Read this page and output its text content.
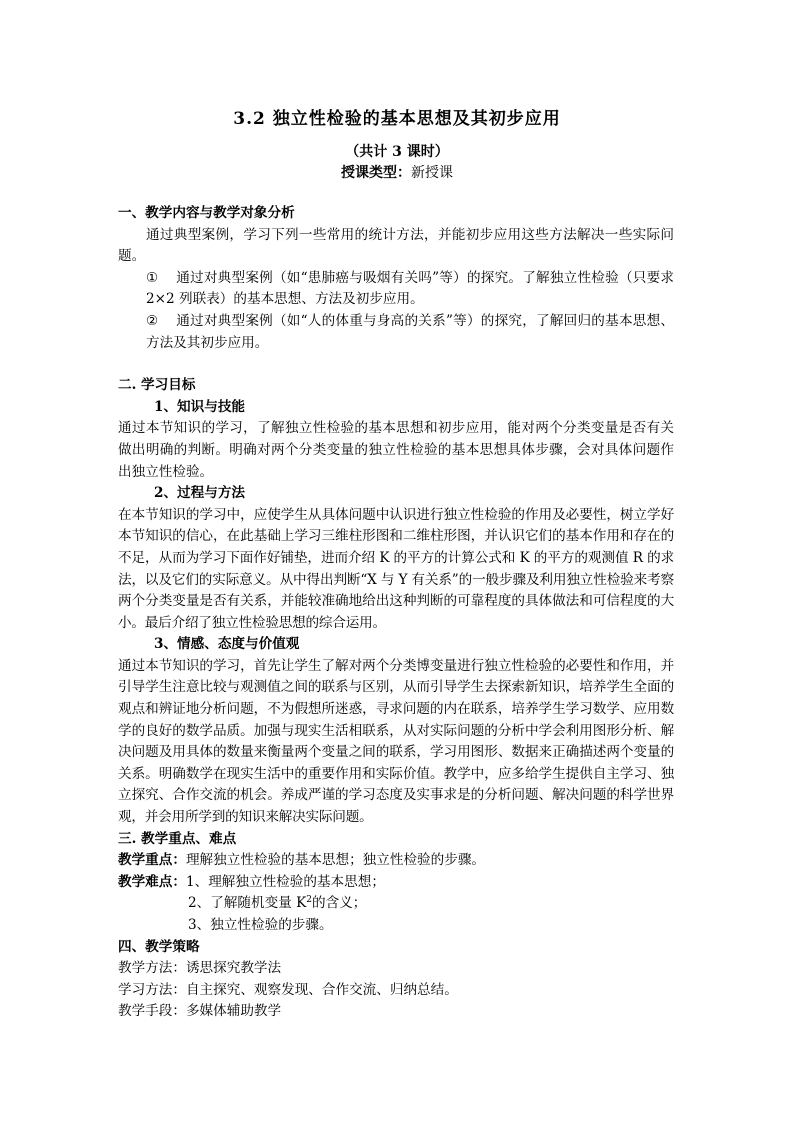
3.2 独立性检验的基本思想及其初步应用
（共计 3 课时）
授课类型：新授课
一、教学内容与教学对象分析
通过典型案例，学习下列一些常用的统计方法，并能初步应用这些方法解决一些实际问题。
① 通过对典型案例（如“患肺癌与吸烟有关吗”等）的探究。了解独立性检验（只要求 2×2 列联表）的基本思想、方法及初步应用。
② 通过对典型案例（如“人的体重与身高的关系”等）的探究，了解回归的基本思想、方法及其初步应用。
二. 学习目标
1、知识与技能
通过本节知识的学习，了解独立性检验的基本思想和初步应用，能对两个分类变量是否有关做出明确的判断。明确对两个分类变量的独立性检验的基本思想具体步骤，会对具体问题作出独立性检验。
2、过程与方法
在本节知识的学习中，应使学生从具体问题中认识进行独立性检验的作用及必要性，树立学好本节知识的信心，在此基础上学习三维柱形图和二维柱形图，并认识它们的基本作用和存在的不足，从而为学习下面作好铺垫，进而介绍 K 的平方的计算公式和 K 的平方的观测值 R 的求法，以及它们的实际意义。从中得出判断“X 与 Y 有关系”的一般步骤及利用独立性检验来考察两个分类变量是否有关系，并能较准确地给出这种判断的可靠程度的具体做法和可信程度的大小。最后介绍了独立性检验思想的综合运用。
3、情感、态度与价值观
通过本节知识的学习，首先让学生了解对两个分类博变量进行独立性检验的必要性和作用，并引导学生注意比较与观测值之间的联系与区别，从而引导学生去探索新知识，培养学生全面的观点和辨证地分析问题，不为假想所迷惑，寻求问题的内在联系，培养学生学习数学、应用数学的良好的数学品质。加强与现实生活相联系，从对实际问题的分析中学会利用图形分析、解决问题及用具体的数量来衡量两个变量之间的联系，学习用图形、数据来正确描述两个变量的关系。明确数学在现实生活中的重要作用和实际价值。教学中，应多给学生提供自主学习、独立探究、合作交流的机会。养成严谨的学习态度及实事求是的分析问题、解决问题的科学世界观，并会用所学到的知识来解决实际问题。
三. 教学重点、难点
教学重点：理解独立性检验的基本思想；独立性检验的步骤。
教学难点：1、理解独立性检验的基本思想；
2、了解随机变量 $K^2$的含义；
3、独立性检验的步骤。
四、教学策略
教学方法：诱思探究教学法
学习方法：自主探究、观察发现、合作交流、归纳总结。
教学手段：多媒体辅助教学
